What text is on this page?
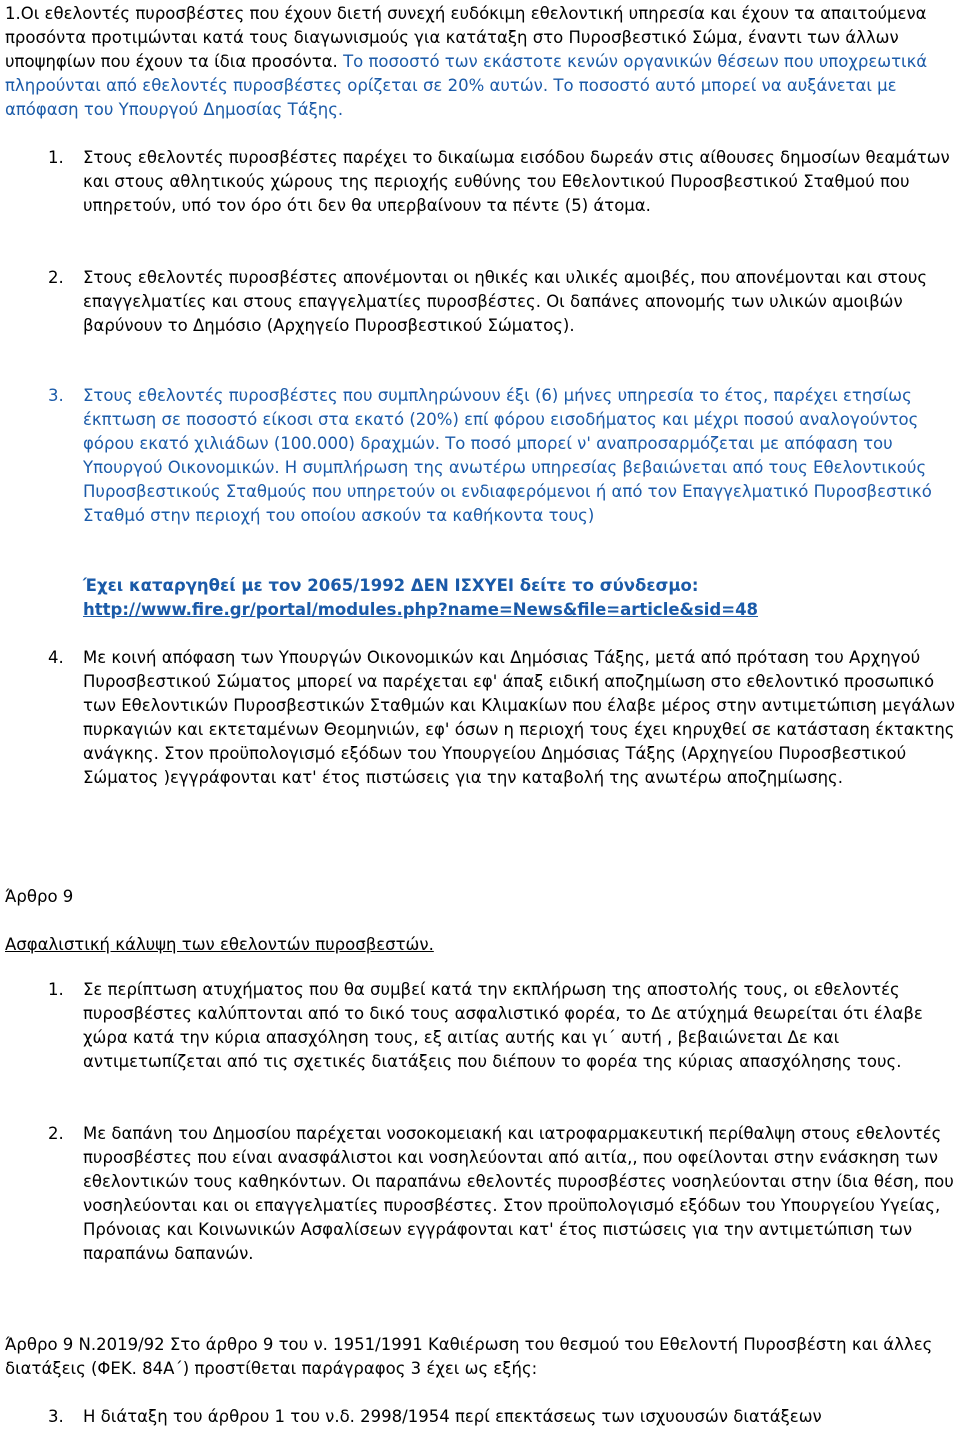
1.Οι εθελοντές πυροσβέστες που έχουν διετή συνεχή ευδόκιμη εθελοντική υπηρεσία και έχουν τα απαιτούμενα προσόντα προτιμώνται κατά τους διαγωνισμούς για κατάταξη στο Πυροσβεστικό Σώμα, έναντι των άλλων υποψηφίων που έχουν τα ίδια προσόντα. Το ποσοστό των εκάστοτε κενών οργανικών θέσεων που υποχρεωτικά πληρούνται από εθελοντές πυροσβέστες ορίζεται σε 20% αυτών. Το ποσοστό αυτό μπορεί να αυξάνεται με απόφαση του Υπουργού Δημοσίας Τάξης.

1. Στους εθελοντές πυροσβέστες παρέχει το δικαίωμα εισόδου δωρεάν στις αίθουσες δημοσίων θεαμάτων και στους αθλητικούς χώρους της περιοχής ευθύνης του Εθελοντικού Πυροσβεστικού Σταθμού που υπηρετούν, υπό τον όρο ότι δεν θα υπερβαίνουν τα πέντε (5) άτομα.
2. Στους εθελοντές πυροσβέστες απονέμονται οι ηθικές και υλικές αμοιβές, που απονέμονται και στους επαγγελματίες και στους επαγγελματίες πυροσβέστες. Οι δαπάνες απονομής των υλικών αμοιβών βαρύνουν το Δημόσιο (Αρχηγείο Πυροσβεστικού Σώματος).
3. Στους εθελοντές πυροσβέστες που συμπληρώνουν έξι (6) μήνες υπηρεσία το έτος, παρέχει ετησίως έκπτωση σε ποσοστό είκοσι στα εκατό (20%) επί φόρου εισοδήματος και μέχρι ποσού αναλογούντος φόρου εκατό χιλιάδων (100.000) δραχμών. Το ποσό μπορεί ν' αναπροσαρμόζεται με απόφαση του Υπουργού Οικονομικών. Η συμπλήρωση της ανωτέρω υπηρεσίας βεβαιώνεται από τους Εθελοντικούς Πυροσβεστικούς Σταθμούς που υπηρετούν οι ενδιαφερόμενοι ή από τον Επαγγελματικό Πυροσβεστικό Σταθμό στην περιοχή του οποίου ασκούν τα καθήκοντα τους)
Έχει καταργηθεί με τον 2065/1992 ΔΕΝ ΙΣΧΥΕΙ δείτε το σύνδεσμο:
http://www.fire.gr/portal/modules.php?name=News&file=article&sid=48
4. Με κοινή απόφαση των Υπουργών Οικονομικών και Δημόσιας Τάξης, μετά από πρόταση του Αρχηγού Πυροσβεστικού Σώματος μπορεί να παρέχεται εφ' άπαξ ειδική αποζημίωση στο εθελοντικό προσωπικό των Εθελοντικών Πυροσβεστικών Σταθμών και Κλιμακίων που έλαβε μέρος στην αντιμετώπιση μεγάλων πυρκαγιών και εκτεταμένων Θεομηνιών, εφ' όσων η περιοχή τους έχει κηρυχθεί σε κατάσταση έκτακτης ανάγκης. Στον προϋπολογισμό εξόδων του Υπουργείου Δημόσιας Τάξης (Αρχηγείου Πυροσβεστικού Σώματος )εγγράφονται κατ' έτος πιστώσεις για την καταβολή της ανωτέρω αποζημίωσης.

Άρθρο 9

Ασφαλιστική κάλυψη των εθελοντών πυροσβεστών.

1. Σε περίπτωση ατυχήματος που θα συμβεί κατά την εκπλήρωση της αποστολής τους, οι εθελοντές πυροσβέστες καλύπτονται από το δικό τους ασφαλιστικό φορέα, το Δε ατύχημά θεωρείται ότι έλαβε χώρα κατά την κύρια απασχόληση τους, εξ αιτίας αυτής και γι΄ αυτή , βεβαιώνεται Δε και αντιμετωπίζεται από τις σχετικές διατάξεις που διέπουν το φορέα της κύριας απασχόλησης τους.
2. Με δαπάνη του Δημοσίου παρέχεται νοσοκομειακή και ιατροφαρμακευτική περίθαλψη στους εθελοντές πυροσβέστες που είναι ανασφάλιστοι και νοσηλεύονται από αιτία,, που οφείλονται στην ενάσκηση των εθελοντικών τους καθηκόντων. Οι παραπάνω εθελοντές πυροσβέστες νοσηλεύονται στην ίδια θέση, που νοσηλεύονται και οι επαγγελματίες πυροσβέστες. Στον προϋπολογισμό εξόδων του Υπουργείου Υγείας, Πρόνοιας και Κοινωνικών Ασφαλίσεων εγγράφονται κατ' έτος πιστώσεις για την αντιμετώπιση των παραπάνω δαπανών.

Άρθρο 9 Ν.2019/92 Στο άρθρο 9 του ν. 1951/1991 Καθιέρωση του θεσμού του Εθελοντή Πυροσβέστη και άλλες διατάξεις (ΦΕΚ. 84Α΄) προστίθεται παράγραφος 3 έχει ως εξής:

3. Η διάταξη του άρθρου 1 του ν.δ. 2998/1954 περί επεκτάσεως των ισχυουσών διατάξεων
